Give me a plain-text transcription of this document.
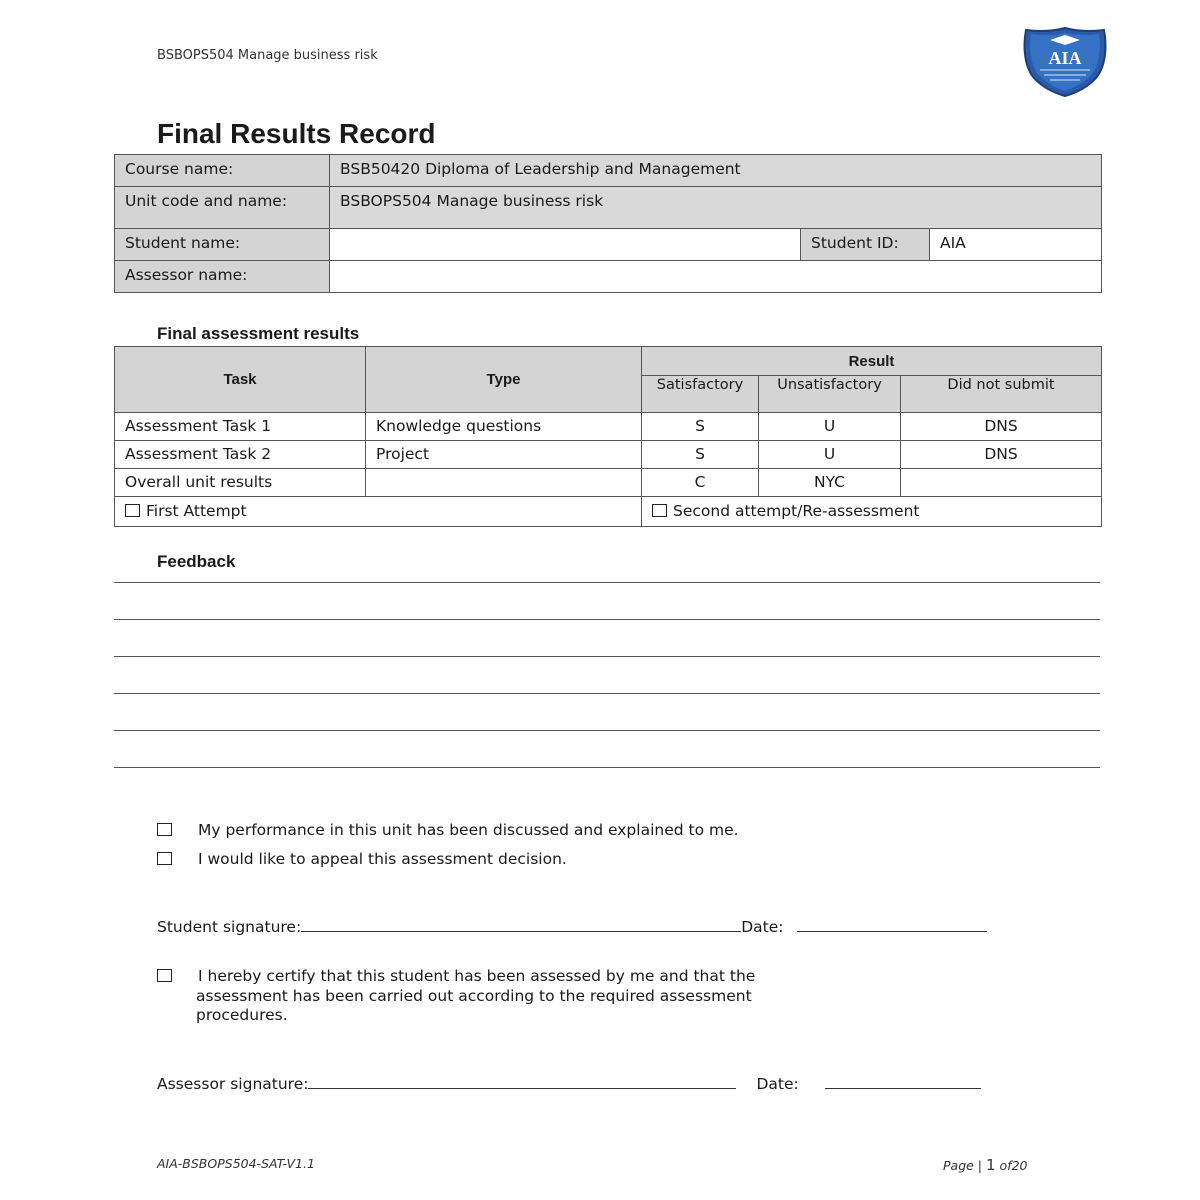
BSBOPS504 Manage business risk	AIA
Final Results Record
Course name:	BSB50420 Diploma of Leadership and Management		
Unit code and name:	BSBOPS504 Manage business risk		
Student name:		Student ID:	AIA
Assessor name:			
Final assessment results
Task	Type	Result		
		Satisfactory	Unsatisfactory	Did not submit
Assessment Task 1	Knowledge questions	S	U	DNS
Assessment Task 2	Project	S	U	DNS
Overall unit results		C	NYC	
First Attempt		Second attempt/Re-assessment		
Feedback
My performance in this unit has been discussed and explained to me.
I would like to appeal this assessment decision.
Student signature:	Date:
I hereby certify that this student has been assessed by me and that the
assessment has been carried out according to the required assessment
procedures.
Assessor signature:	Date:
AIA-BSBOPS504-SAT-V1.1	Page | 1 of20
